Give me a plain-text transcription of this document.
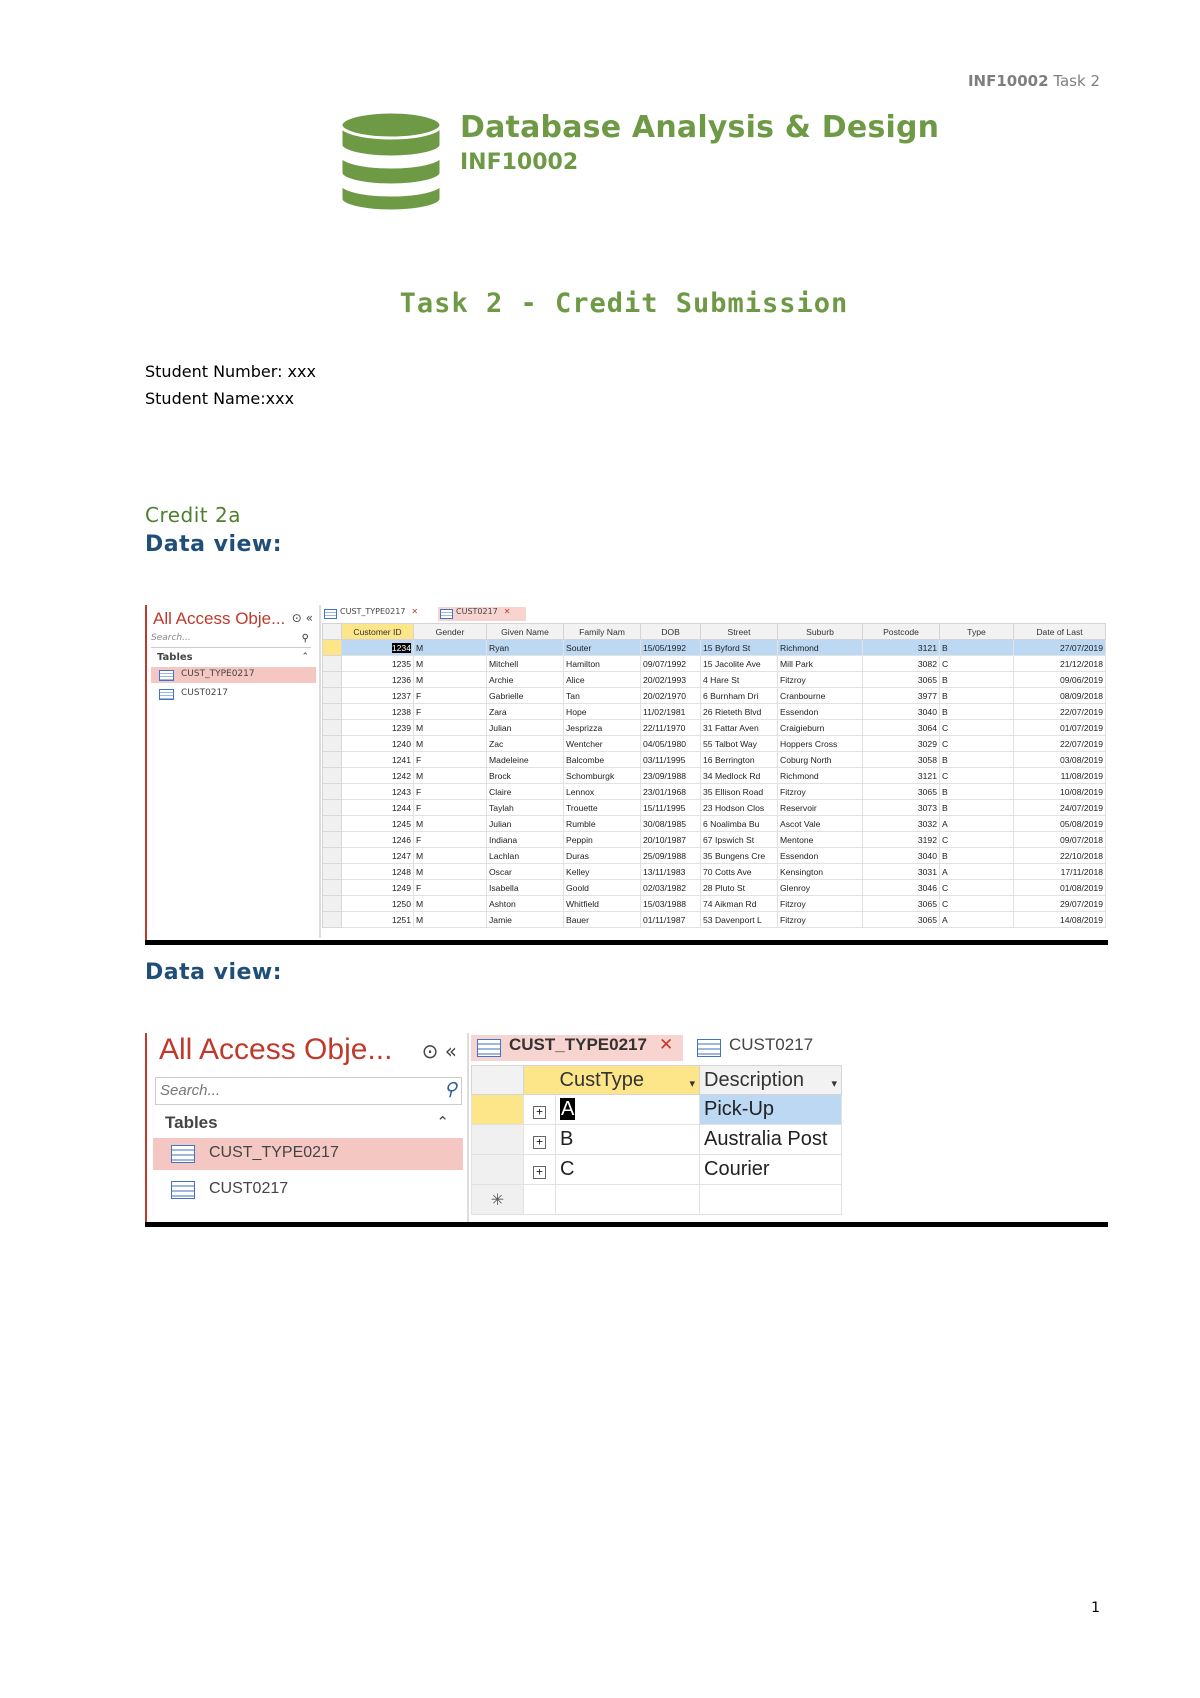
INF10002 Task 2
Database Analysis & Design
INF10002
Task 2 - Credit Submission
Student Number: xxx
Student Name:xxx
Credit 2a
Data view:
All Access Obje... ⊙ «
Search...	⚲
Tables	⌃
CUST_TYPE0217
CUST0217
CUST_TYPE0217 ✕	CUST0217 ✕
	Customer ID	Gender	Given Name	Family Nam	DOB	Street	Suburb	Postcode	Type	Date of Last
	1234	M	Ryan	Souter	15/05/1992	15 Byford St	Richmond	3121	B	27/07/2019
	1235	M	Mitchell	Hamilton	09/07/1992	15 Jacolite Ave	Mill Park	3082	C	21/12/2018
	1236	M	Archie	Alice	20/02/1993	4 Hare St	Fitzroy	3065	B	09/06/2019
	1237	F	Gabrielle	Tan	20/02/1970	6 Burnham Dri	Cranbourne	3977	B	08/09/2018
	1238	F	Zara	Hope	11/02/1981	26 Rieteth Blvd	Essendon	3040	B	22/07/2019
	1239	M	Julian	Jesprizza	22/11/1970	31 Fattar Aven	Craigieburn	3064	C	01/07/2019
	1240	M	Zac	Wentcher	04/05/1980	55 Talbot Way	Hoppers Cross	3029	C	22/07/2019
	1241	F	Madeleine	Balcombe	03/11/1995	16 Berrington	Coburg North	3058	B	03/08/2019
	1242	M	Brock	Schomburgk	23/09/1988	34 Medlock Rd	Richmond	3121	C	11/08/2019
	1243	F	Claire	Lennox	23/01/1968	35 Ellison Road	Fitzroy	3065	B	10/08/2019
	1244	F	Taylah	Trouette	15/11/1995	23 Hodson Clos	Reservoir	3073	B	24/07/2019
	1245	M	Julian	Rumble	30/08/1985	6 Noalimba Bu	Ascot Vale	3032	A	05/08/2019
	1246	F	Indiana	Peppin	20/10/1987	67 Ipswich St	Mentone	3192	C	09/07/2018
	1247	M	Lachlan	Duras	25/09/1988	35 Bungens Cre	Essendon	3040	B	22/10/2018
	1248	M	Oscar	Kelley	13/11/1983	70 Cotts Ave	Kensington	3031	A	17/11/2018
	1249	F	Isabella	Goold	02/03/1982	28 Pluto St	Glenroy	3046	C	01/08/2019
	1250	M	Ashton	Whitfield	15/03/1988	74 Aikman Rd	Fitzroy	3065	C	29/07/2019
	1251	M	Jamie	Bauer	01/11/1987	53 Davenport L	Fitzroy	3065	A	14/08/2019
Data view:
All Access Obje... ⊙ «
Search...	⚲
Tables	⌃
CUST_TYPE0217
CUST0217
CUST_TYPE0217 ✕	CUST0217
		CustType ▾	Description ▾

	+	A	Pick-Up
	+	B	Australia Post
	+	C	Courier
✳			
1
